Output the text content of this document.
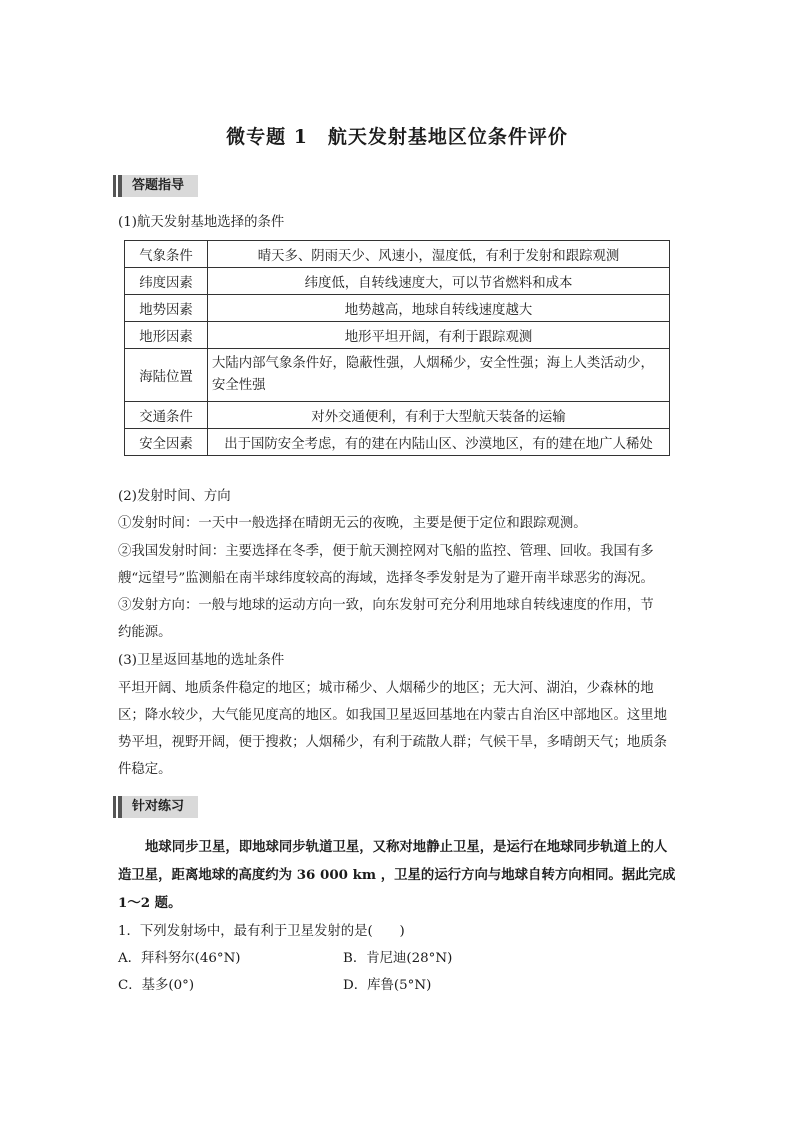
微专题 1　航天发射基地区位条件评价
答题指导
(1)航天发射基地选择的条件
气象条件	晴天多、阴雨天少、风速小，湿度低，有利于发射和跟踪观测
纬度因素	纬度低，自转线速度大，可以节省燃料和成本
地势因素	地势越高，地球自转线速度越大
地形因素	地形平坦开阔，有利于跟踪观测
海陆位置	大陆内部气象条件好，隐蔽性强，人烟稀少，安全性强；海上人类活动少，安全性强
交通条件	对外交通便利，有利于大型航天装备的运输
安全因素	出于国防安全考虑，有的建在内陆山区、沙漠地区，有的建在地广人稀处
(2)发射时间、方向
①发射时间：一天中一般选择在晴朗无云的夜晚，主要是便于定位和跟踪观测。
②我国发射时间：主要选择在冬季，便于航天测控网对飞船的监控、管理、回收。我国有多
艘“远望号”监测船在南半球纬度较高的海域，选择冬季发射是为了避开南半球恶劣的海况。
③发射方向：一般与地球的运动方向一致，向东发射可充分利用地球自转线速度的作用，节
约能源。
(3)卫星返回基地的选址条件
平坦开阔、地质条件稳定的地区；城市稀少、人烟稀少的地区；无大河、湖泊，少森林的地区；降水较少，大气能见度高的地区。如我国卫星返回基地在内蒙古自治区中部地区。这里地势平坦，视野开阔，便于搜救；人烟稀少，有利于疏散人群；气候干旱，多晴朗天气；地质条件稳定。
针对练习
地球同步卫星，即地球同步轨道卫星，又称对地静止卫星，是运行在地球同步轨道上的人造卫星，距离地球的高度约为 36 000 km ，卫星的运行方向与地球自转方向相同。据此完成 1～2 题。
1．下列发射场中，最有利于卫星发射的是(　　)
A．拜科努尔(46°N)	B．肯尼迪(28°N)
C．基多(0°)	D．库鲁(5°N)
